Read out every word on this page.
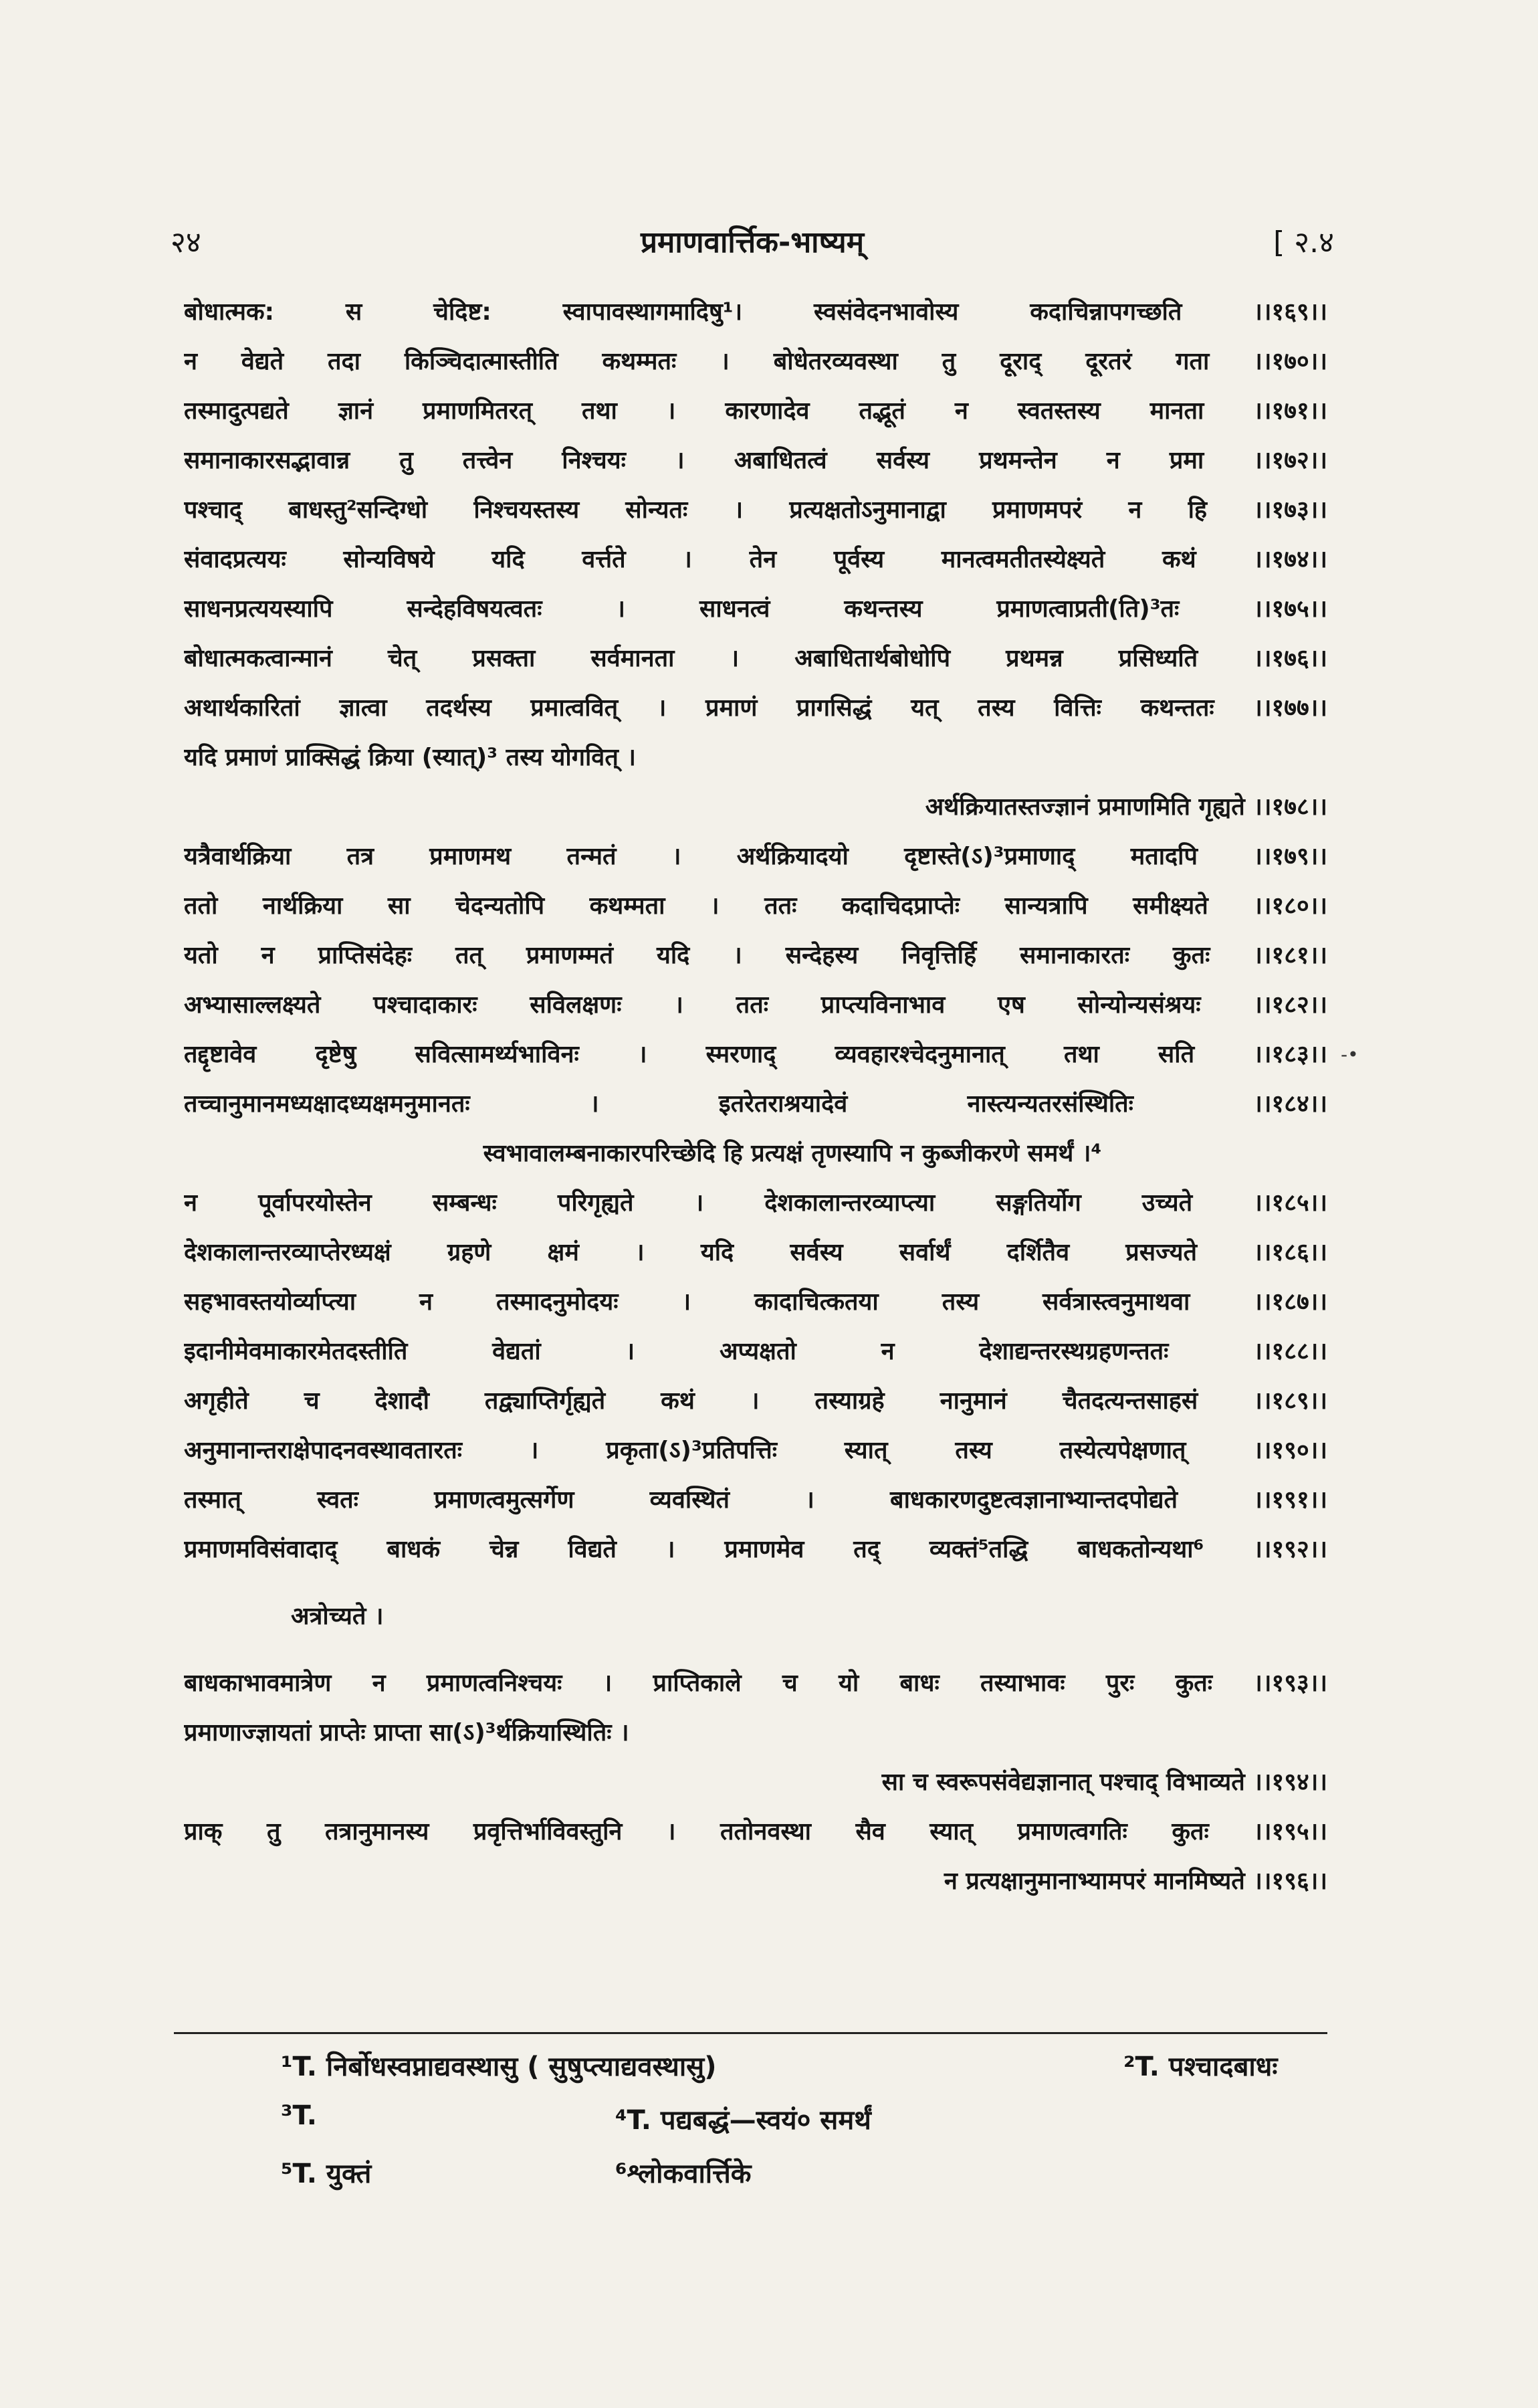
२४	प्रमाणवार्त्तिक-भाष्यम्	[ २.४
बोधात्मक: स चेदिष्ट: स्वापावस्थागमादिषु¹। स्वसंवेदनभावोस्य कदाचिन्नापगच्छति ।।१६९।।
न वेद्यते तदा किञ्चिदात्मास्तीति कथम्मतः । बोधेतरव्यवस्था तु दूराद् दूरतरं गता ।।१७०।।
तस्मादुत्पद्यते ज्ञानं प्रमाणमितरत् तथा । कारणादेव तद्भूतं न स्वतस्तस्य मानता ।।१७१।।
समानाकारसद्भावान्न तु तत्त्वेन निश्चयः । अबाधितत्वं सर्वस्य प्रथमन्तेन न प्रमा ।।१७२।।
पश्चाद् बाधस्तु²सन्दिग्धो निश्चयस्तस्य सोन्यतः । प्रत्यक्षतोऽनुमानाद्वा प्रमाणमपरं न हि ।।१७३।।
संवादप्रत्ययः सोन्यविषये यदि वर्त्तते । तेन पूर्वस्य मानत्वमतीतस्येक्ष्यते कथं ।।१७४।।
साधनप्रत्ययस्यापि सन्देहविषयत्वतः । साधनत्वं कथन्तस्य प्रमाणत्वाप्रती(ति)³तः ।।१७५।।
बोधात्मकत्वान्मानं चेत् प्रसक्ता सर्वमानता । अबाधितार्थबोधोपि प्रथमन्न प्रसिध्यति ।।१७६।।
अथार्थकारितां ज्ञात्वा तदर्थस्य प्रमात्ववित् । प्रमाणं प्रागसिद्धं यत् तस्य वित्तिः कथन्ततः ।।१७७।।
यदि प्रमाणं प्राक्सिद्धं क्रिया (स्यात्)³ तस्य योगवित् ।
अर्थक्रियातस्तज्ज्ञानं प्रमाणमिति गृह्यते ।।१७८।।
यत्रैवार्थक्रिया तत्र प्रमाणमथ तन्मतं । अर्थक्रियादयो दृष्टास्ते(ऽ)³प्रमाणाद् मतादपि ।।१७९।।
ततो नार्थक्रिया सा चेदन्यतोपि कथम्मता । ततः कदाचिदप्राप्तेः सान्यत्रापि समीक्ष्यते ।।१८०।।
यतो न प्राप्तिसंदेहः तत् प्रमाणम्मतं यदि । सन्देहस्य निवृत्तिर्हि समानाकारतः कुतः ।।१८१।।
अभ्यासाल्लक्ष्यते पश्चादाकारः सविलक्षणः । ततः प्राप्त्यविनाभाव एष सोन्योन्यसंश्रयः ।।१८२।।
तद्दृष्टावेव दृष्टेषु सवित्सामर्थ्यभाविनः । स्मरणाद् व्यवहारश्चेदनुमानात् तथा सति ।।१८३।।
तच्चानुमानमध्यक्षादध्यक्षमनुमानतः । इतरेतराश्रयादेवं नास्त्यन्यतरसंस्थितिः ।।१८४।।
स्वभावालम्बनाकारपरिच्छेदि हि प्रत्यक्षं तृणस्यापि न कुब्जीकरणे समर्थं ।⁴
न पूर्वापरयोस्तेन सम्बन्धः परिगृह्यते । देशकालान्तरव्याप्त्या सङ्गतिर्योग उच्यते ।।१८५।।
देशकालान्तरव्याप्तेरध्यक्षं ग्रहणे क्षमं । यदि सर्वस्य सर्वार्थं दर्शितैव प्रसज्यते ।।१८६।।
सहभावस्तयोर्व्याप्त्या न तस्मादनुमोदयः । कादाचित्कतया तस्य सर्वत्रास्त्वनुमाथवा ।।१८७।।
इदानीमेवमाकारमेतदस्तीति वेद्यतां । अप्यक्षतो न देशाद्यन्तरस्थग्रहणन्ततः ।।१८८।।
अगृहीते च देशादौ तद्व्याप्तिर्गृह्यते कथं । तस्याग्रहे नानुमानं चैतदत्यन्तसाहसं ।।१८९।।
अनुमानान्तराक्षेपादनवस्थावतारतः । प्रकृता(ऽ)³प्रतिपत्तिः स्यात् तस्य तस्येत्यपेक्षणात् ।।१९०।।
तस्मात् स्वतः प्रमाणत्वमुत्सर्गेण व्यवस्थितं । बाधकारणदुष्टत्वज्ञानाभ्यान्तदपोद्यते ।।१९१।।
प्रमाणमविसंवादाद् बाधकं चेन्न विद्यते । प्रमाणमेव तद् व्यक्तं⁵तद्धि बाधकतोन्यथा⁶ ।।१९२।।
अत्रोच्यते ।
बाधकाभावमात्रेण न प्रमाणत्वनिश्चयः । प्राप्तिकाले च यो बाधः तस्याभावः पुरः कुतः ।।१९३।।
प्रमाणाज्ज्ञायतां प्राप्तेः प्राप्ता सा(ऽ)³र्थक्रियास्थितिः ।
सा च स्वरूपसंवेद्यज्ञानात् पश्चाद् विभाव्यते ।।१९४।।
प्राक् तु तत्रानुमानस्य प्रवृत्तिर्भाविवस्तुनि । ततोनवस्था सैव स्यात् प्रमाणत्वगतिः कुतः ।।१९५।।
न प्रत्यक्षानुमानाभ्यामपरं मानमिष्यते ।।१९६।।
-•
¹T. निर्बोधस्वप्नाद्यवस्थासु ( सुषुप्त्याद्यवस्थासु)	²T. पश्चादबाधः
³T.	⁴T. पद्यबद्धं—स्वयं० समर्थं
⁵T. युक्तं	⁶श्लोकवार्त्तिके
